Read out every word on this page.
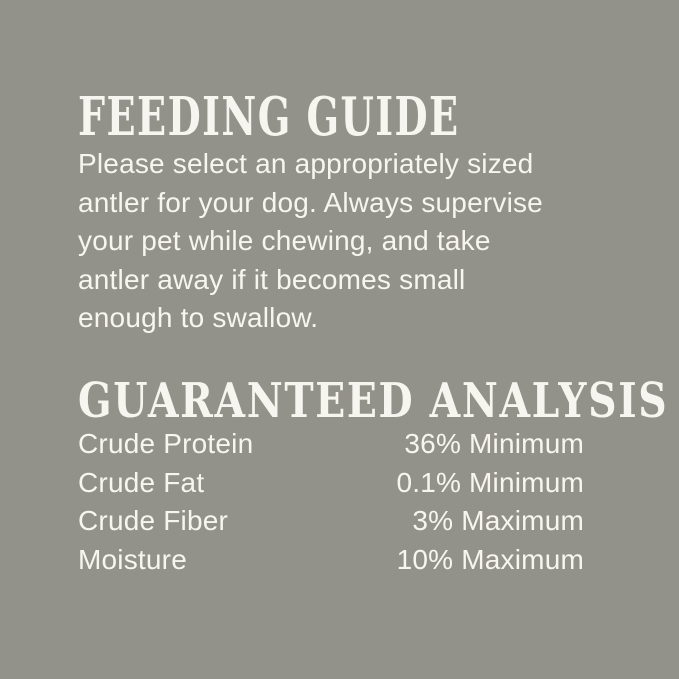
FEEDING GUIDE
Please select an appropriately sized
antler for your dog. Always supervise
your pet while chewing, and take
antler away if it becomes small
enough to swallow.
GUARANTEED ANALYSIS
Crude Protein	36% Minimum
Crude Fat	0.1% Minimum
Crude Fiber	3% Maximum
Moisture	10% Maximum
